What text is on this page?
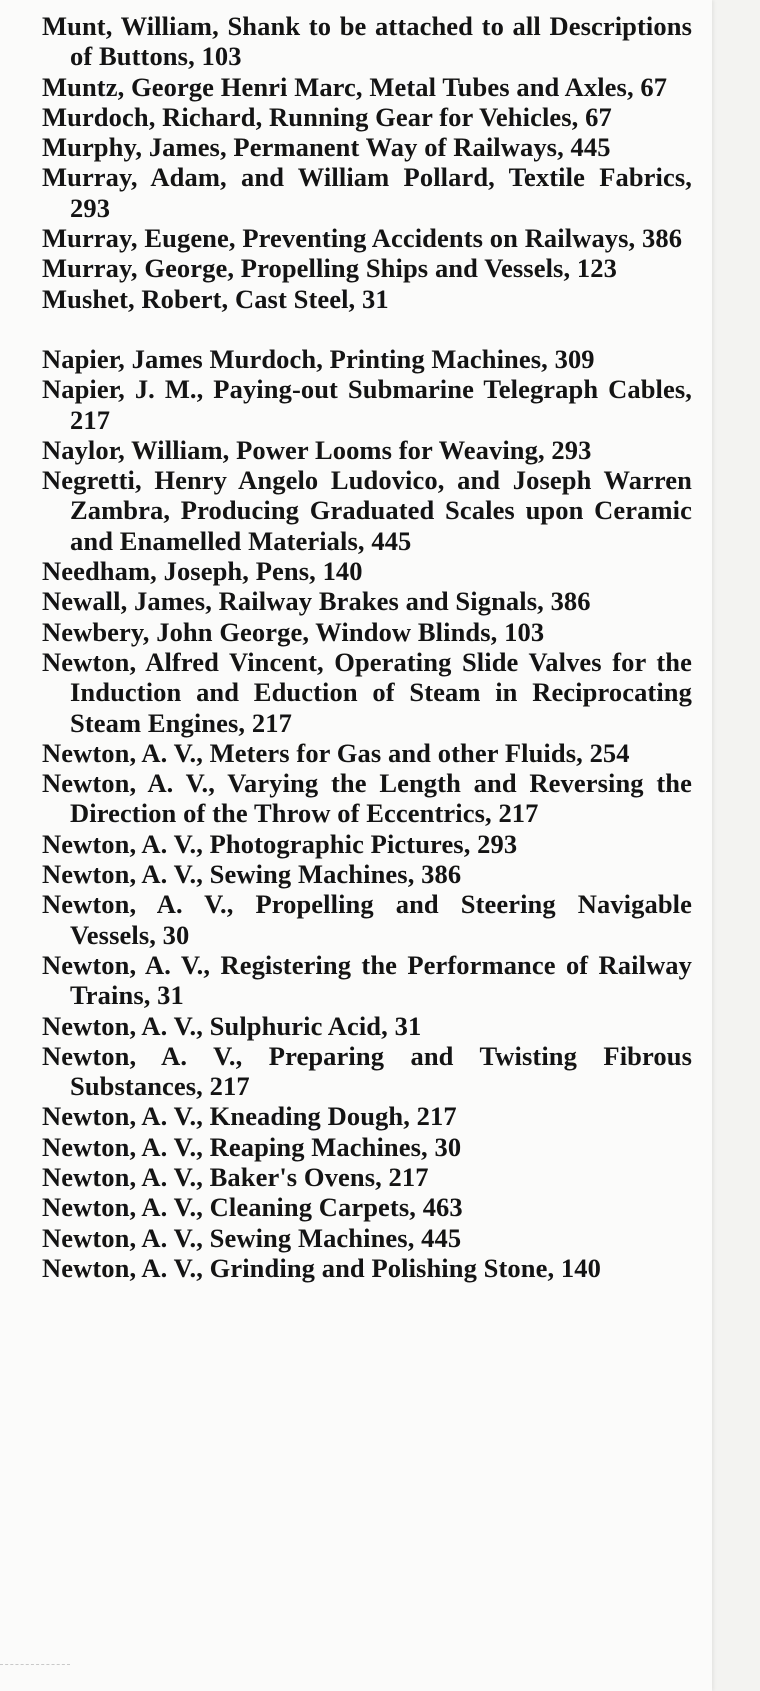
Munt, William, Shank to be attached to all Descriptions of Buttons, 103

Muntz, George Henri Marc, Metal Tubes and Axles, 67

Murdoch, Richard, Running Gear for Vehicles, 67

Murphy, James, Permanent Way of Railways, 445

Murray, Adam, and William Pollard, Textile Fabrics, 293

Murray, Eugene, Preventing Accidents on Railways, 386

Murray, George, Propelling Ships and Vessels, 123

Mushet, Robert, Cast Steel, 31

Napier, James Murdoch, Printing Machines, 309

Napier, J. M., Paying-out Submarine Telegraph Cables, 217

Naylor, William, Power Looms for Weaving, 293

Negretti, Henry Angelo Ludovico, and Joseph Warren Zambra, Producing Graduated Scales upon Ceramic and Enamelled Materials, 445

Needham, Joseph, Pens, 140

Newall, James, Railway Brakes and Signals, 386

Newbery, John George, Window Blinds, 103

Newton, Alfred Vincent, Operating Slide Valves for the Induction and Eduction of Steam in Reciprocating Steam Engines, 217

Newton, A. V., Meters for Gas and other Fluids, 254

Newton, A. V., Varying the Length and Reversing the Direction of the Throw of Eccentrics, 217

Newton, A. V., Photographic Pictures, 293

Newton, A. V., Sewing Machines, 386

Newton, A. V., Propelling and Steering Navigable Vessels, 30

Newton, A. V., Registering the Performance of Railway Trains, 31

Newton, A. V., Sulphuric Acid, 31

Newton, A. V., Preparing and Twisting Fibrous Substances, 217

Newton, A. V., Kneading Dough, 217

Newton, A. V., Reaping Machines, 30

Newton, A. V., Baker's Ovens, 217

Newton, A. V., Cleaning Carpets, 463

Newton, A. V., Sewing Machines, 445

Newton, A. V., Grinding and Polishing Stone, 140
